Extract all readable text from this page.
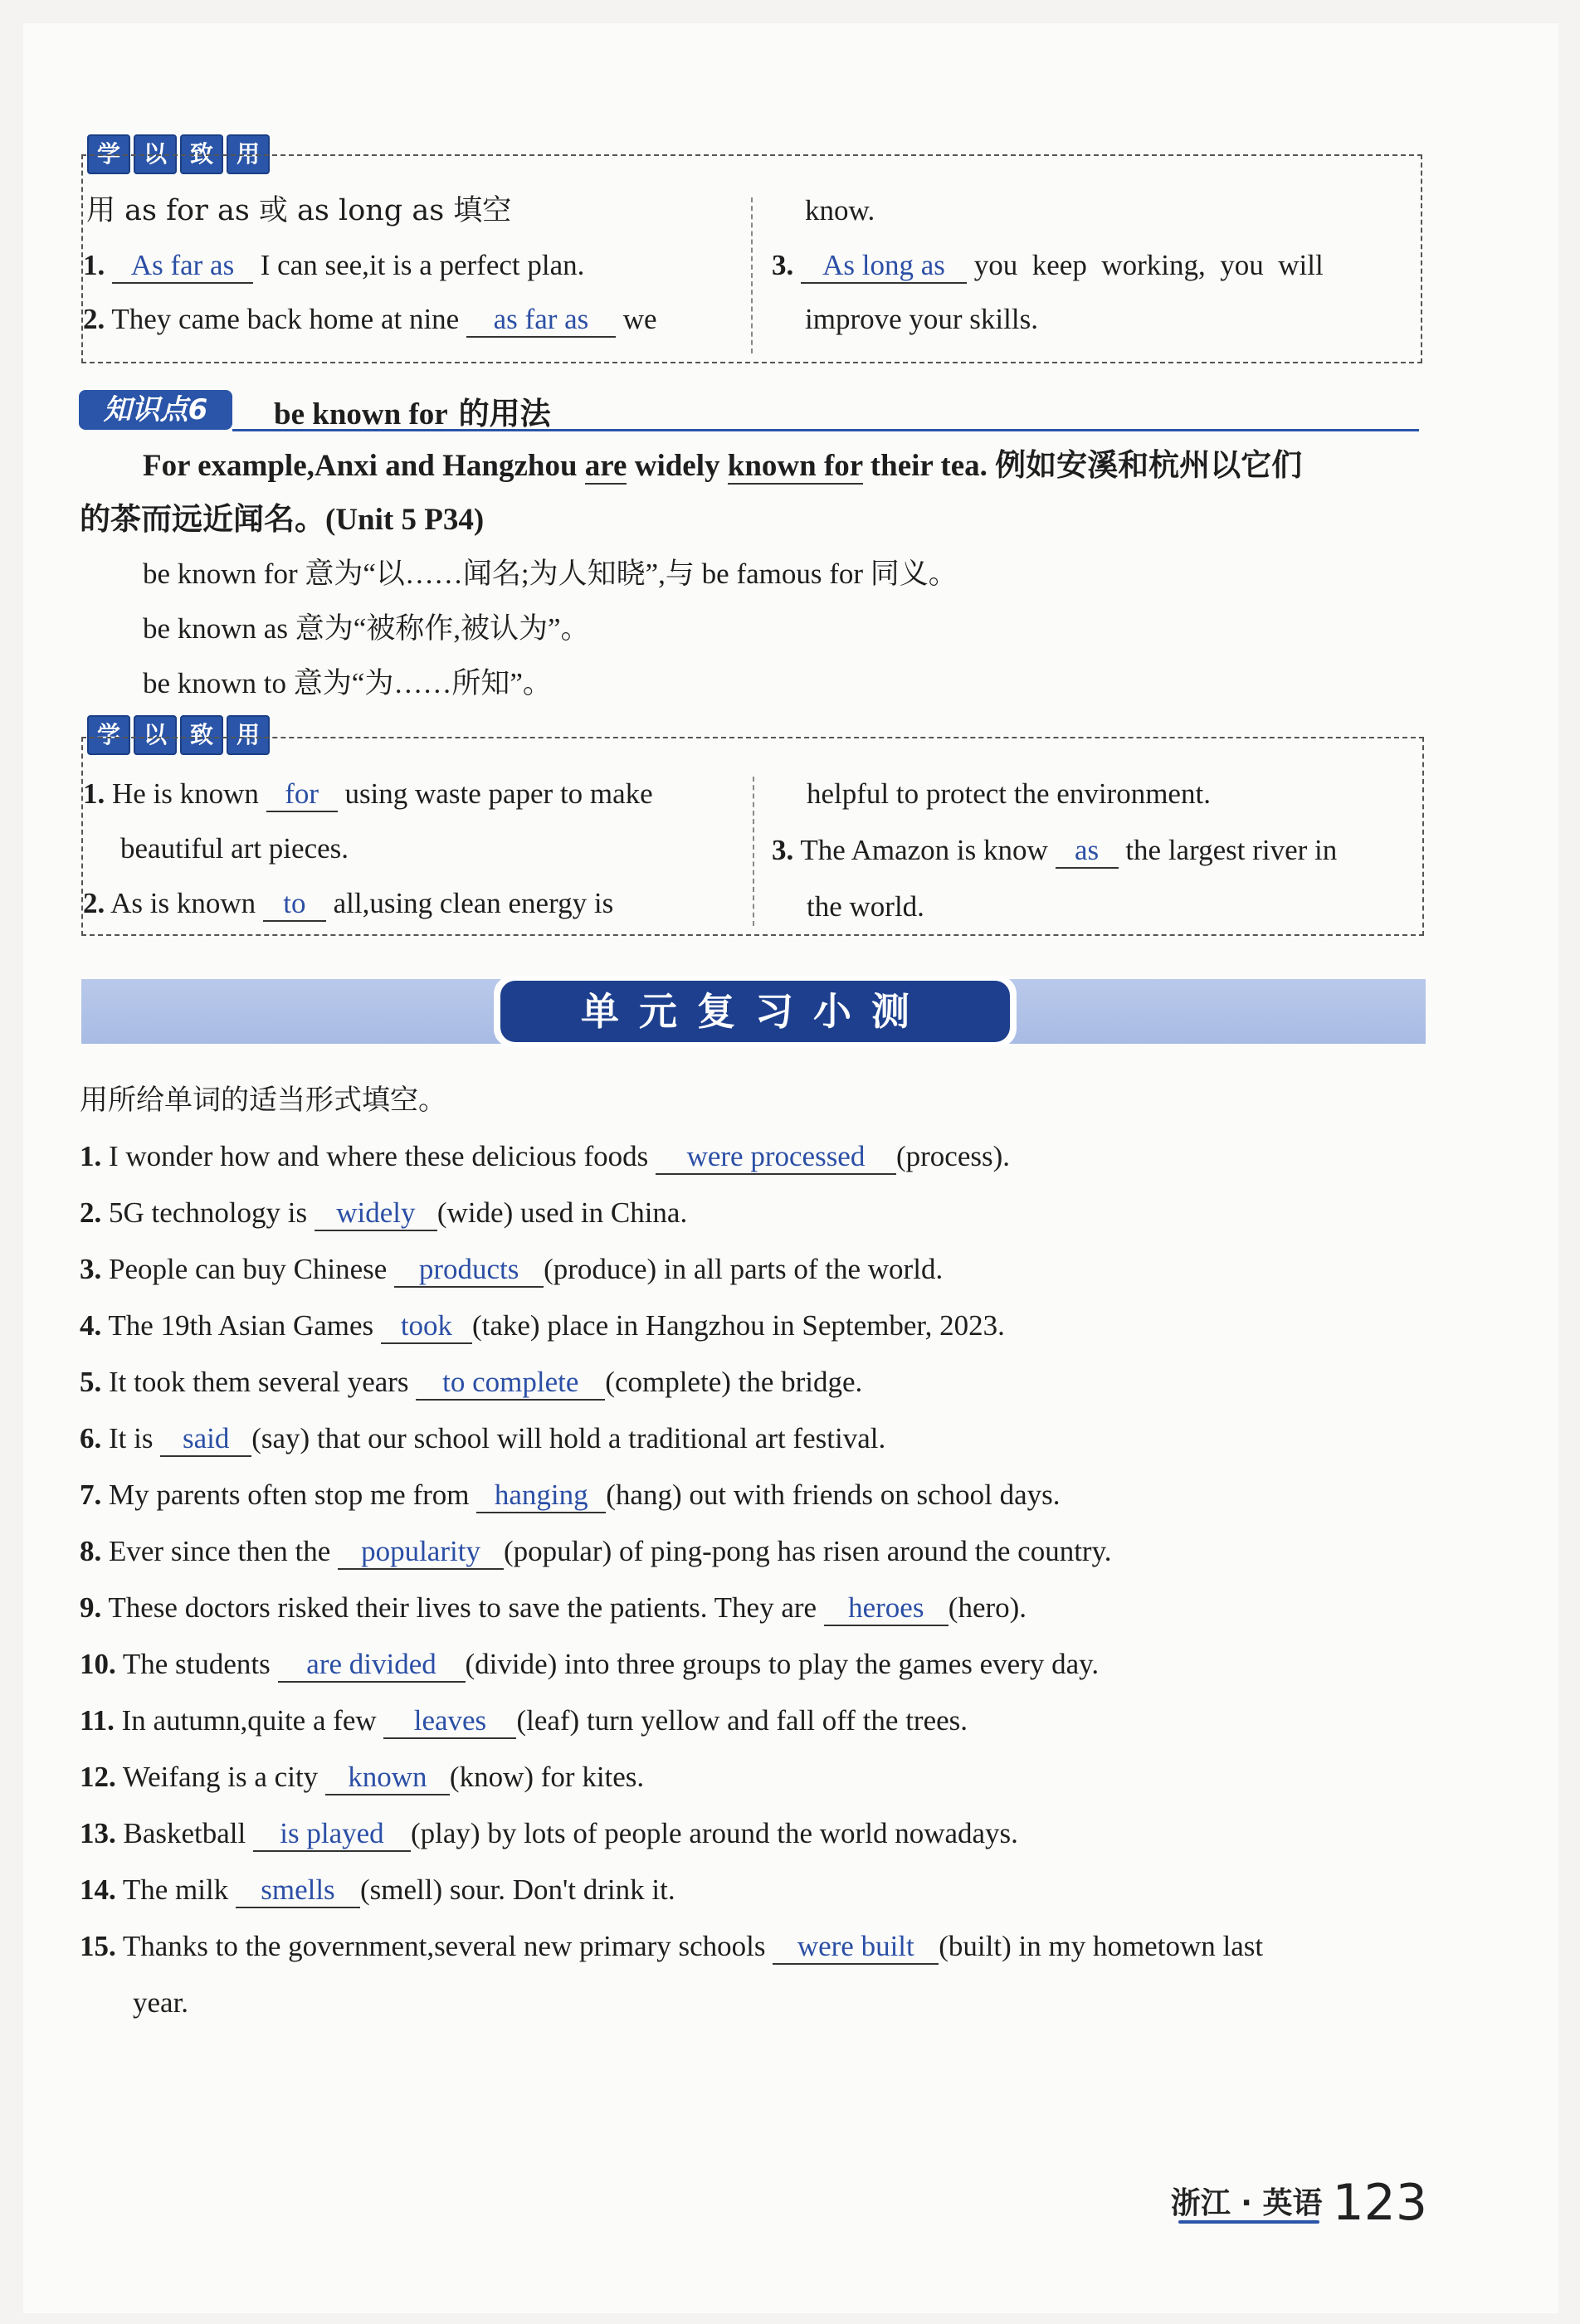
学 以 致 用
用 as for as 或 as long as 填空
1. As far as I can see,it is a perfect plan.
2. They came back home at nine as far as we
know.
3. As long as you  keep  working,  you  will
improve your skills.
知识点6	be known for 的用法
For example,Anxi and Hangzhou are widely known for their tea. 例如安溪和杭州以它们
的茶而远近闻名。(Unit 5 P34)
be known for 意为“以……闻名;为人知晓”,与 be famous for 同义。
be known as 意为“被称作,被认为”。
be known to 意为“为……所知”。
学 以 致 用
1. He is known for using waste paper to make
beautiful art pieces.
2. As is known to all,using clean energy is
helpful to protect the environment.
3. The Amazon is know as the largest river in
the world.
单元复习小测
用所给单词的适当形式填空。
1. I wonder how and where these delicious foods were processed (process).
2. 5G technology is widely (wide) used in China.
3. People can buy Chinese products (produce) in all parts of the world.
4. The 19th Asian Games took (take) place in Hangzhou in September, 2023.
5. It took them several years to complete (complete) the bridge.
6. It is said (say) that our school will hold a traditional art festival.
7. My parents often stop me from hanging (hang) out with friends on school days.
8. Ever since then the popularity (popular) of ping-pong has risen around the country.
9. These doctors risked their lives to save the patients. They are heroes (hero).
10. The students are divided (divide) into three groups to play the games every day.
11. In autumn,quite a few leaves (leaf) turn yellow and fall off the trees.
12. Weifang is a city known (know) for kites.
13. Basketball is played (play) by lots of people around the world nowadays.
14. The milk smells (smell) sour. Don't drink it.
15. Thanks to the government,several new primary schools were built (built) in my hometown last
year.
浙江 · 英语 123
